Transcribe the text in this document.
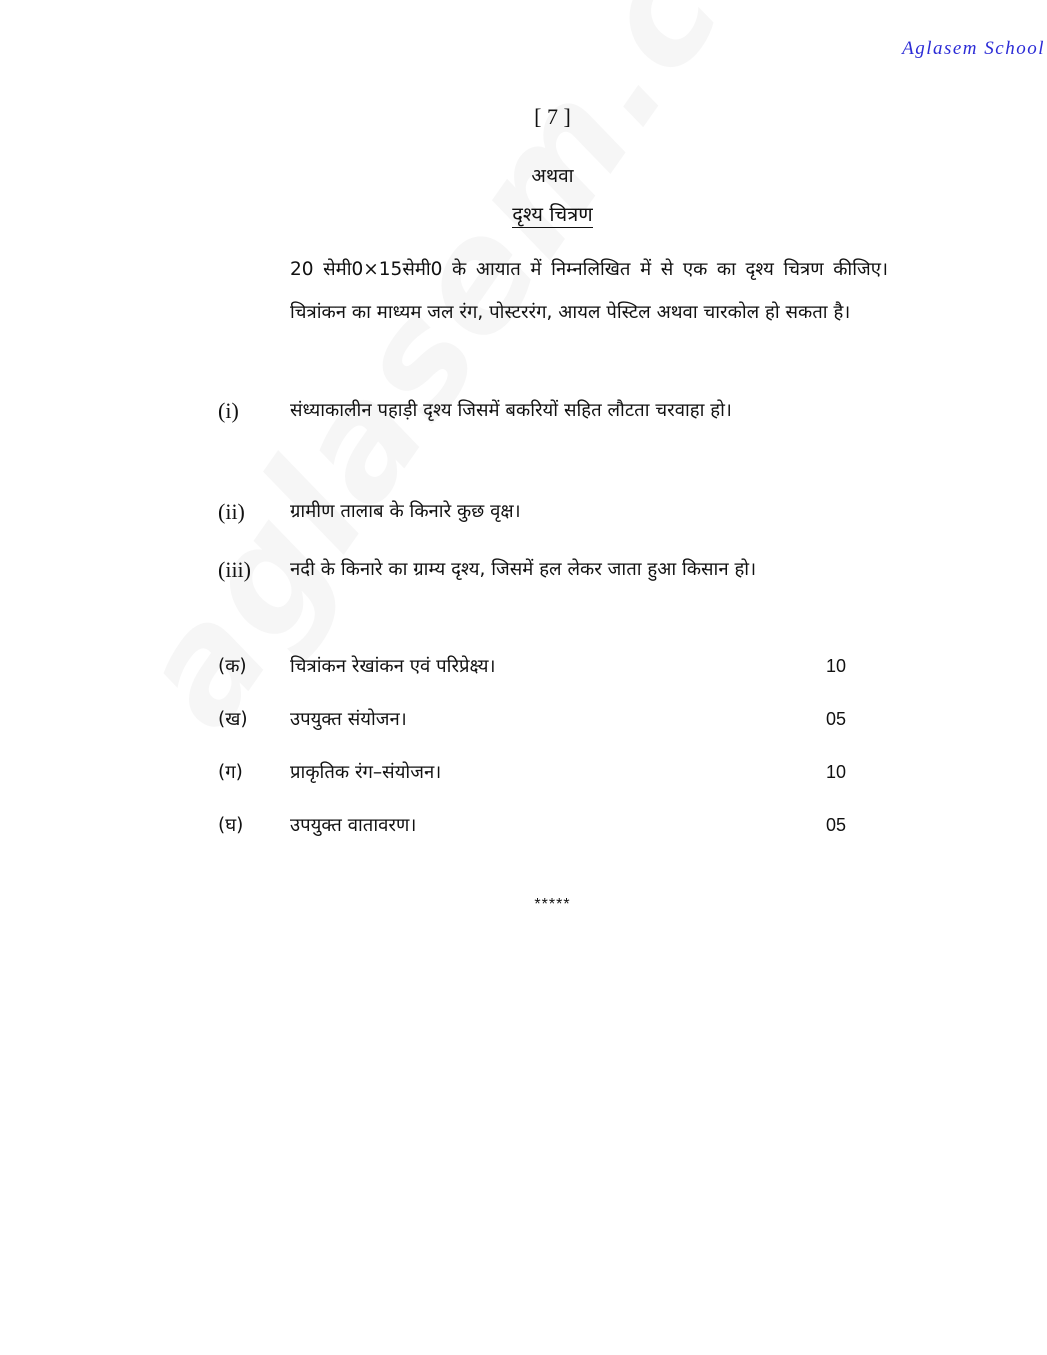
Aglasem School
[ 7 ]
अथवा
दृश्य चित्रण
20 सेमी0×15सेमी0 के आयात में निम्नलिखित में से एक का दृश्य चित्रण कीजिए। चित्रांकन का माध्यम जल रंग, पोस्टररंग, आयल पेस्टिल अथवा चारकोल हो सकता है।
(i)	संध्याकालीन पहाड़ी दृश्य जिसमें बकरियों सहित लौटता चरवाहा हो।
(ii) ग्रामीण तालाब के किनारे कुछ वृक्ष।
(iii) नदी के किनारे का ग्राम्य दृश्य, जिसमें हल लेकर जाता हुआ किसान हो।
(क) चित्रांकन रेखांकन एवं परिप्रेक्ष्य।	10
(ख) उपयुक्त संयोजन।	05
(ग)	प्राकृतिक रंग–संयोजन।	10
(घ)	उपयुक्त वातावरण।	05
*****
